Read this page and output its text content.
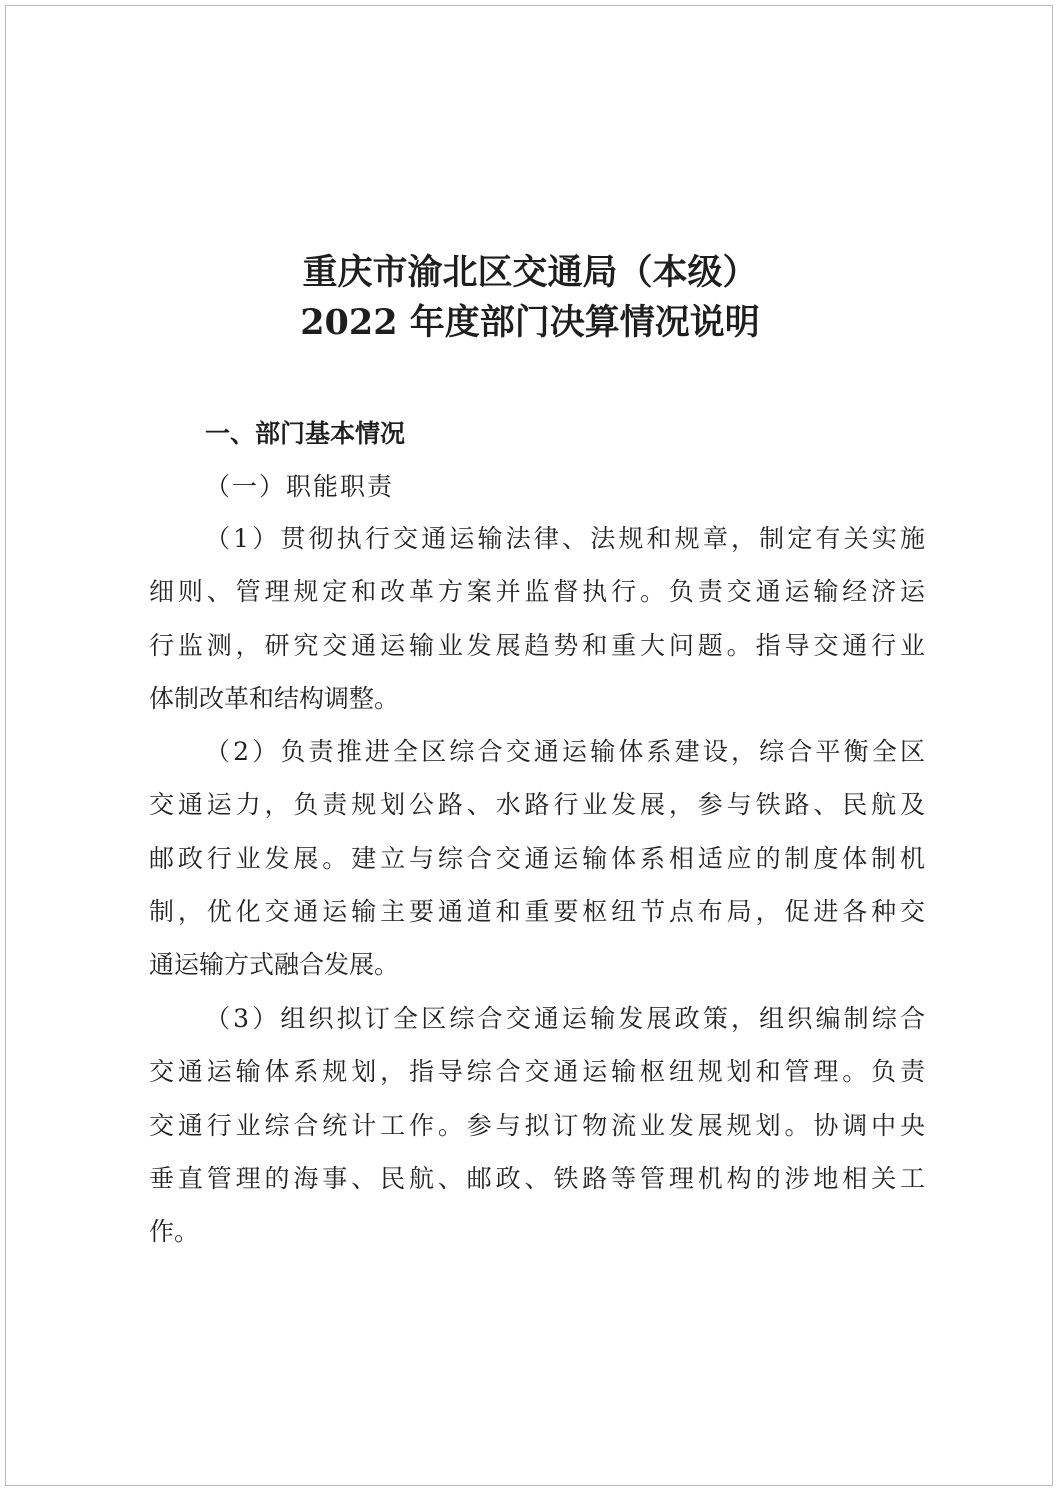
重庆市渝北区交通局（本级）
2022 年度部门决算情况说明
一、部门基本情况
（一）职能职责
（1）贯彻执行交通运输法律、法规和规章，制定有关实施
细则、管理规定和改革方案并监督执行。负责交通运输经济运
行监测，研究交通运输业发展趋势和重大问题。指导交通行业
体制改革和结构调整。
（2）负责推进全区综合交通运输体系建设，综合平衡全区
交通运力，负责规划公路、水路行业发展，参与铁路、民航及
邮政行业发展。建立与综合交通运输体系相适应的制度体制机
制，优化交通运输主要通道和重要枢纽节点布局，促进各种交
通运输方式融合发展。
（3）组织拟订全区综合交通运输发展政策，组织编制综合
交通运输体系规划，指导综合交通运输枢纽规划和管理。负责
交通行业综合统计工作。参与拟订物流业发展规划。协调中央
垂直管理的海事、民航、邮政、铁路等管理机构的涉地相关工
作。
